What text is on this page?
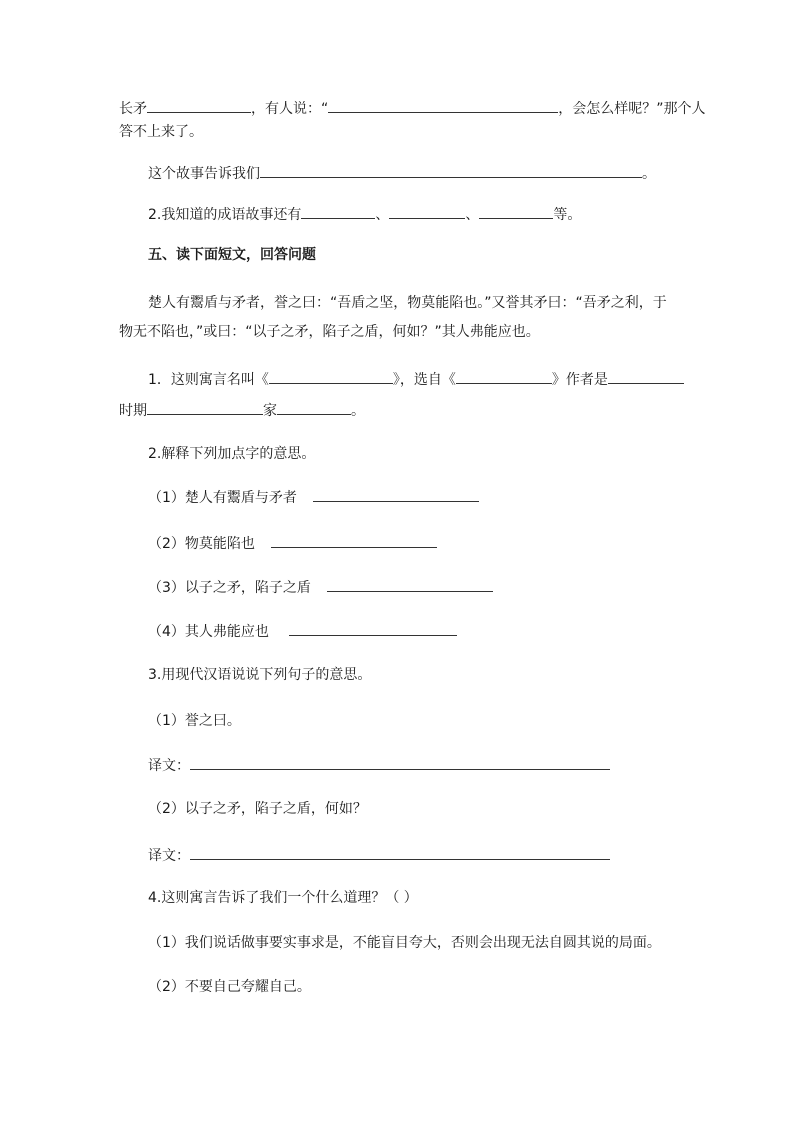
长矛	，有人说：“	，会怎么样呢？”那个人
答不上来了。
这个故事告诉我们	。
2.我知道的成语故事还有	、	、	等。
五、读下面短文，回答问题
楚人有鬻盾与矛者，誉之曰：“吾盾之坚，物莫能陷也。”又誉其矛曰：“吾矛之利，于
物无不陷也，”或曰：“以子之矛，陷子之盾，何如？”其人弗能应也。
1．这则寓言名叫《	》，选自《	》作者是
时期	家	。
2.解释下列加点字的意思。
（1）楚人有鬻盾与矛者
（2）物莫能陷也
（3）以子之矛，陷子之盾
（4）其人弗能应也
3.用现代汉语说说下列句子的意思。
（1）誉之曰。
译文：
（2）以子之矛，陷子之盾，何如？
译文：
4.这则寓言告诉了我们一个什么道理？（ ）
（1）我们说话做事要实事求是，不能盲目夸大，否则会出现无法自圆其说的局面。
（2）不要自己夸耀自己。
